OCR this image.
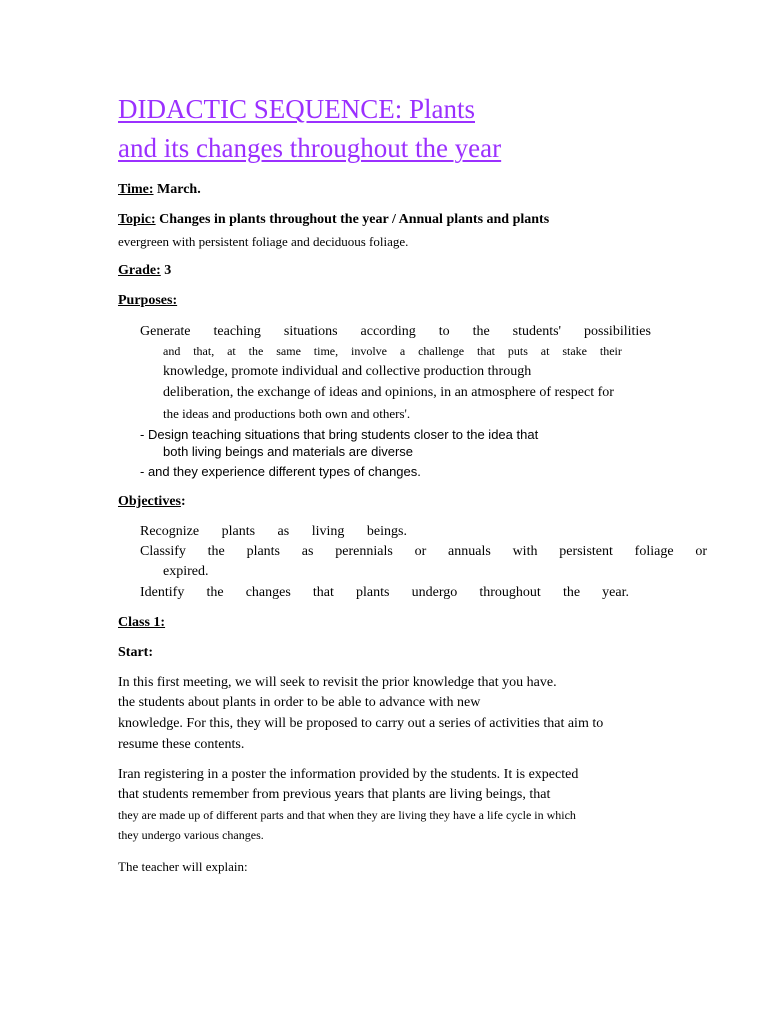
DIDACTIC SEQUENCE: Plants
and its changes throughout the year
Time: March.
Topic: Changes in plants throughout the year / Annual plants and plants
evergreen with persistent foliage and deciduous foliage.
Grade: 3
Purposes:
Generate teaching situations according to the students' possibilities
and that, at the same time, involve a challenge that puts at stake their
knowledge, promote individual and collective production through
deliberation, the exchange of ideas and opinions, in an atmosphere of respect for
the ideas and productions both own and others'.
- Design teaching situations that bring students closer to the idea that
both living beings and materials are diverse
- and they experience different types of changes.
Objectives:
Recognize plants as living beings.
Classify the plants as perennials or annuals with persistent foliage or
expired.
Identify the changes that plants undergo throughout the year.
Class 1:
Start:
In this first meeting, we will seek to revisit the prior knowledge that you have.
the students about plants in order to be able to advance with new
knowledge. For this, they will be proposed to carry out a series of activities that aim to
resume these contents.
Iran registering in a poster the information provided by the students. It is expected
that students remember from previous years that plants are living beings, that
they are made up of different parts and that when they are living they have a life cycle in which
they undergo various changes.
The teacher will explain:
